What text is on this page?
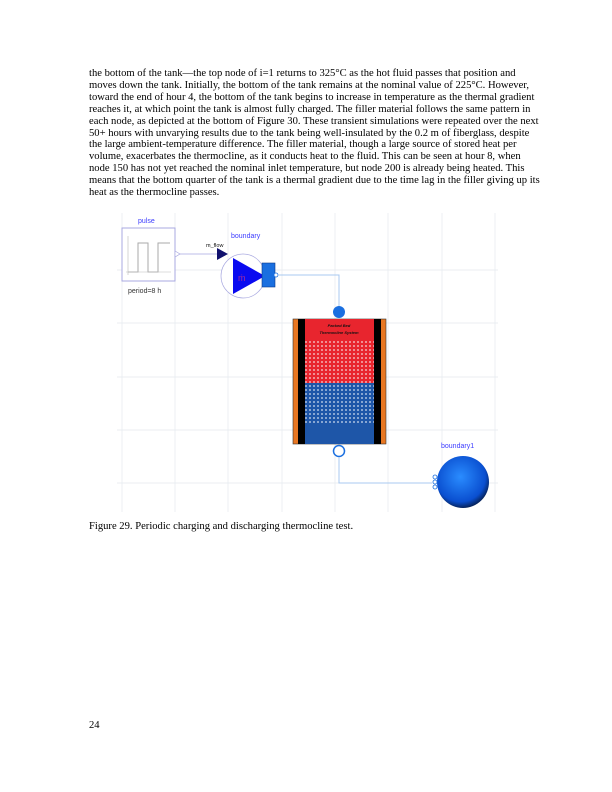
the bottom of the tank—the top node of i=1 returns to 325°C as the hot fluid passes that position and
moves down the tank. Initially, the bottom of the tank remains at the nominal value of 225°C. However,
toward the end of hour 4, the bottom of the tank begins to increase in temperature as the thermal gradient
reaches it, at which point the tank is almost fully charged. The filler material follows the same pattern in
each node, as depicted at the bottom of Figure 30. These transient simulations were repeated over the next
50+ hours with unvarying results due to the tank being well-insulated by the 0.2 m of fiberglass, despite
the large ambient-temperature difference. The filler material, though a large source of stored heat per
volume, exacerbates the thermocline, as it conducts heat to the fluid. This can be seen at hour 8, when
node 150 has not yet reached the nominal inlet temperature, but node 200 is already being heated. This
means that the bottom quarter of the tank is a thermal gradient due to the time lag in the filler giving up its
heat as the thermocline passes.
pulse
period=8 h
m_flow
ṁ
boundary
Packed Bed
Thermocline System
boundary1
Figure 29. Periodic charging and discharging thermocline test.
24
